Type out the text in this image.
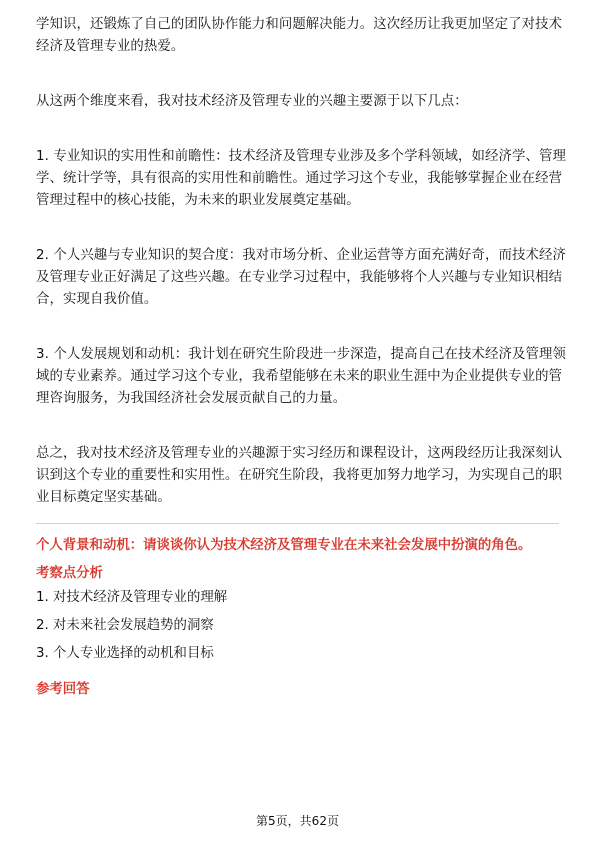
学知识，还锻炼了自己的团队协作能力和问题解决能力。这次经历让我更加坚定了对技术经济及管理专业的热爱。

从这两个维度来看，我对技术经济及管理专业的兴趣主要源于以下几点：

1. 专业知识的实用性和前瞻性：技术经济及管理专业涉及多个学科领域，如经济学、管理学、统计学等，具有很高的实用性和前瞻性。通过学习这个专业，我能够掌握企业在经营管理过程中的核心技能，为未来的职业发展奠定基础。

2. 个人兴趣与专业知识的契合度：我对市场分析、企业运营等方面充满好奇，而技术经济及管理专业正好满足了这些兴趣。在专业学习过程中，我能够将个人兴趣与专业知识相结合，实现自我价值。

3. 个人发展规划和动机：我计划在研究生阶段进一步深造，提高自己在技术经济及管理领域的专业素养。通过学习这个专业，我希望能够在未来的职业生涯中为企业提供专业的管理咨询服务，为我国经济社会发展贡献自己的力量。

总之，我对技术经济及管理专业的兴趣源于实习经历和课程设计，这两段经历让我深刻认识到这个专业的重要性和实用性。在研究生阶段，我将更加努力地学习，为实现自己的职业目标奠定坚实基础。

个人背景和动机：请谈谈你认为技术经济及管理专业在未来社会发展中扮演的角色。

考察点分析

1. 对技术经济及管理专业的理解
2. 对未来社会发展趋势的洞察
3. 个人专业选择的动机和目标

参考回答

第5页，共62页
